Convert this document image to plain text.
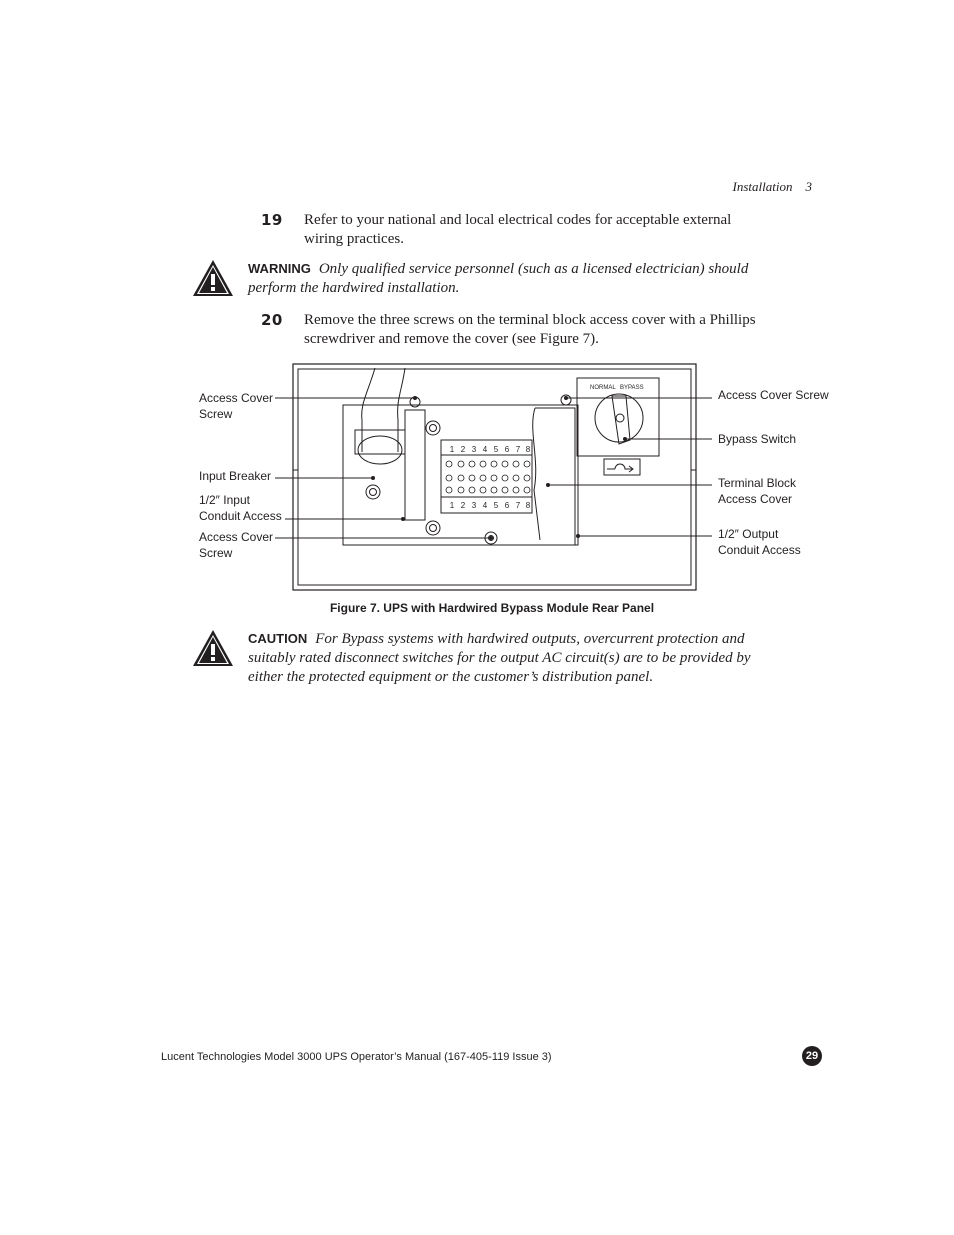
Installation 3
19 Refer to your national and local electrical codes for acceptable external wiring practices.
WARNING Only qualified service personnel (such as a licensed electrician) should perform the hardwired installation.
20 Remove the three screws on the terminal block access cover with a Phillips screwdriver and remove the cover (see Figure 7).
1 2 3 4 5 6 7 8
1 2 3 4 5 6 7 8
NORMAL BYPASS
Access Cover
Screw
Input Breaker
1/2″ Input
Conduit Access
Access Cover
Screw
Access Cover Screw
Bypass Switch
Terminal Block
Access Cover
1/2″ Output
Conduit Access
Figure 7. UPS with Hardwired Bypass Module Rear Panel
CAUTION For Bypass systems with hardwired outputs, overcurrent protection and suitably rated disconnect switches for the output AC circuit(s) are to be provided by either the protected equipment or the customer’s distribution panel.
Lucent Technologies Model 3000 UPS Operator’s Manual (167-405-119 Issue 3)	29
